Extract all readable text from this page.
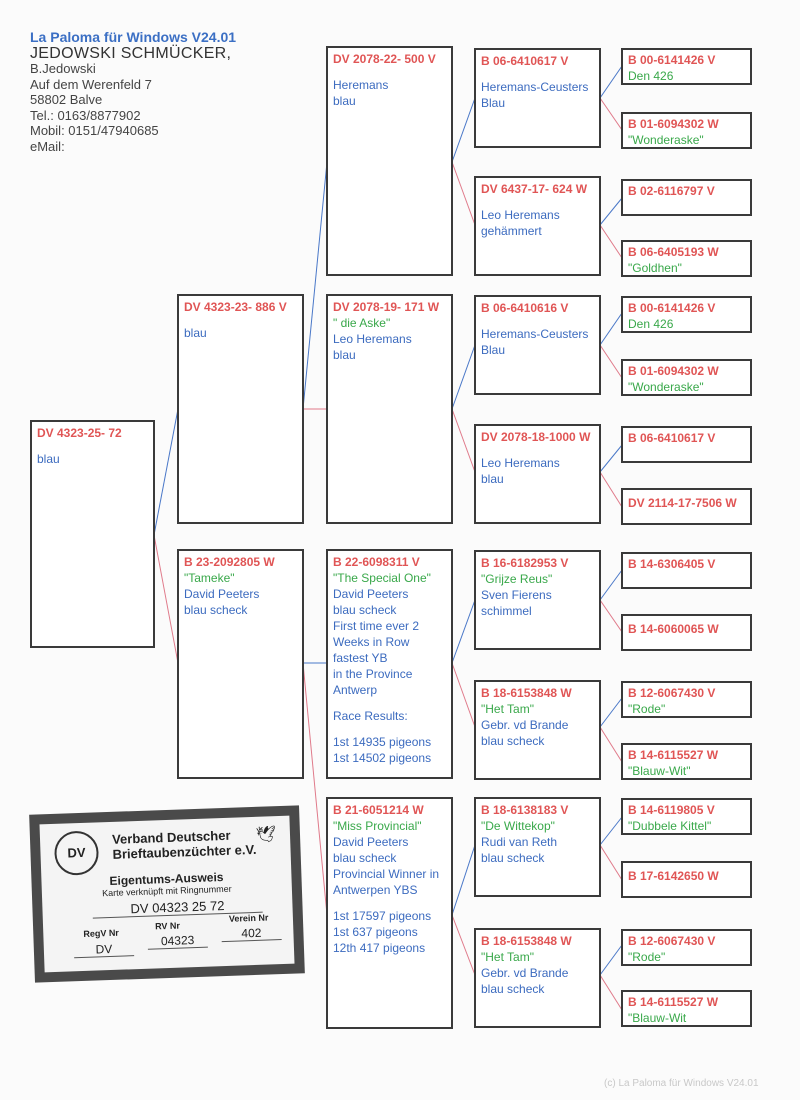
La Paloma für Windows V24.01
JEDOWSKI SCHMÜCKER,
B.Jedowski
Auf dem Werenfeld 7
58802 Balve
Tel.: 0163/8877902
Mobil: 0151/47940685
eMail:
DV 4323-25- 72
blau
DV 4323-23- 886 V
blau
B 23-2092805 W
"Tameke"
David Peeters
blau scheck
DV 2078-22- 500 V
Heremans
blau
DV 2078-19- 171 W
" die Aske"
Leo Heremans
blau
B 22-6098311 V
"The Special One"
David Peeters
blau scheck
First time ever 2
Weeks in Row
fastest YB
in the Province
Antwerp
Race Results:
1st 14935 pigeons
1st 14502 pigeons
B 21-6051214 W
"Miss Provincial"
David Peeters
blau scheck
Provincial Winner in
Antwerpen YBS
1st 17597 pigeons
1st 637 pigeons
12th 417 pigeons
B 06-6410617 V
Heremans-Ceusters
Blau
DV 6437-17- 624 W
Leo Heremans
gehämmert
B 06-6410616 V
Heremans-Ceusters
Blau
DV 2078-18-1000 W
Leo Heremans
blau
B 16-6182953 V
"Grijze Reus"
Sven Fierens
schimmel
B 18-6153848 W
"Het Tam"
Gebr. vd Brande
blau scheck
B 18-6138183 V
"De Wittekop"
Rudi van Reth
blau scheck
B 18-6153848 W
"Het Tam"
Gebr. vd Brande
blau scheck
B 00-6141426 V
Den 426
B 01-6094302 W
"Wonderaske"
B 02-6116797 V
B 06-6405193 W
"Goldhen"
B 00-6141426 V
Den 426
B 01-6094302 W
"Wonderaske"
B 06-6410617 V
DV 2114-17-7506 W
B 14-6306405 V
B 14-6060065 W
B 12-6067430 V
"Rode"
B 14-6115527 W
"Blauw-Wit"
B 14-6119805 V
"Dubbele Kittel"
B 17-6142650 W
B 12-6067430 V
"Rode"
B 14-6115527 W
"Blauw-Wit
DV
Verband Deutscher
Brieftaubenzüchter e.V.
🕊
Eigentums-Ausweis
Karte verknüpft mit Ringnummer
DV 04323 25 72
RegV Nr
RV Nr
Verein Nr
DV
04323
402
(c) La Paloma für Windows V24.01
